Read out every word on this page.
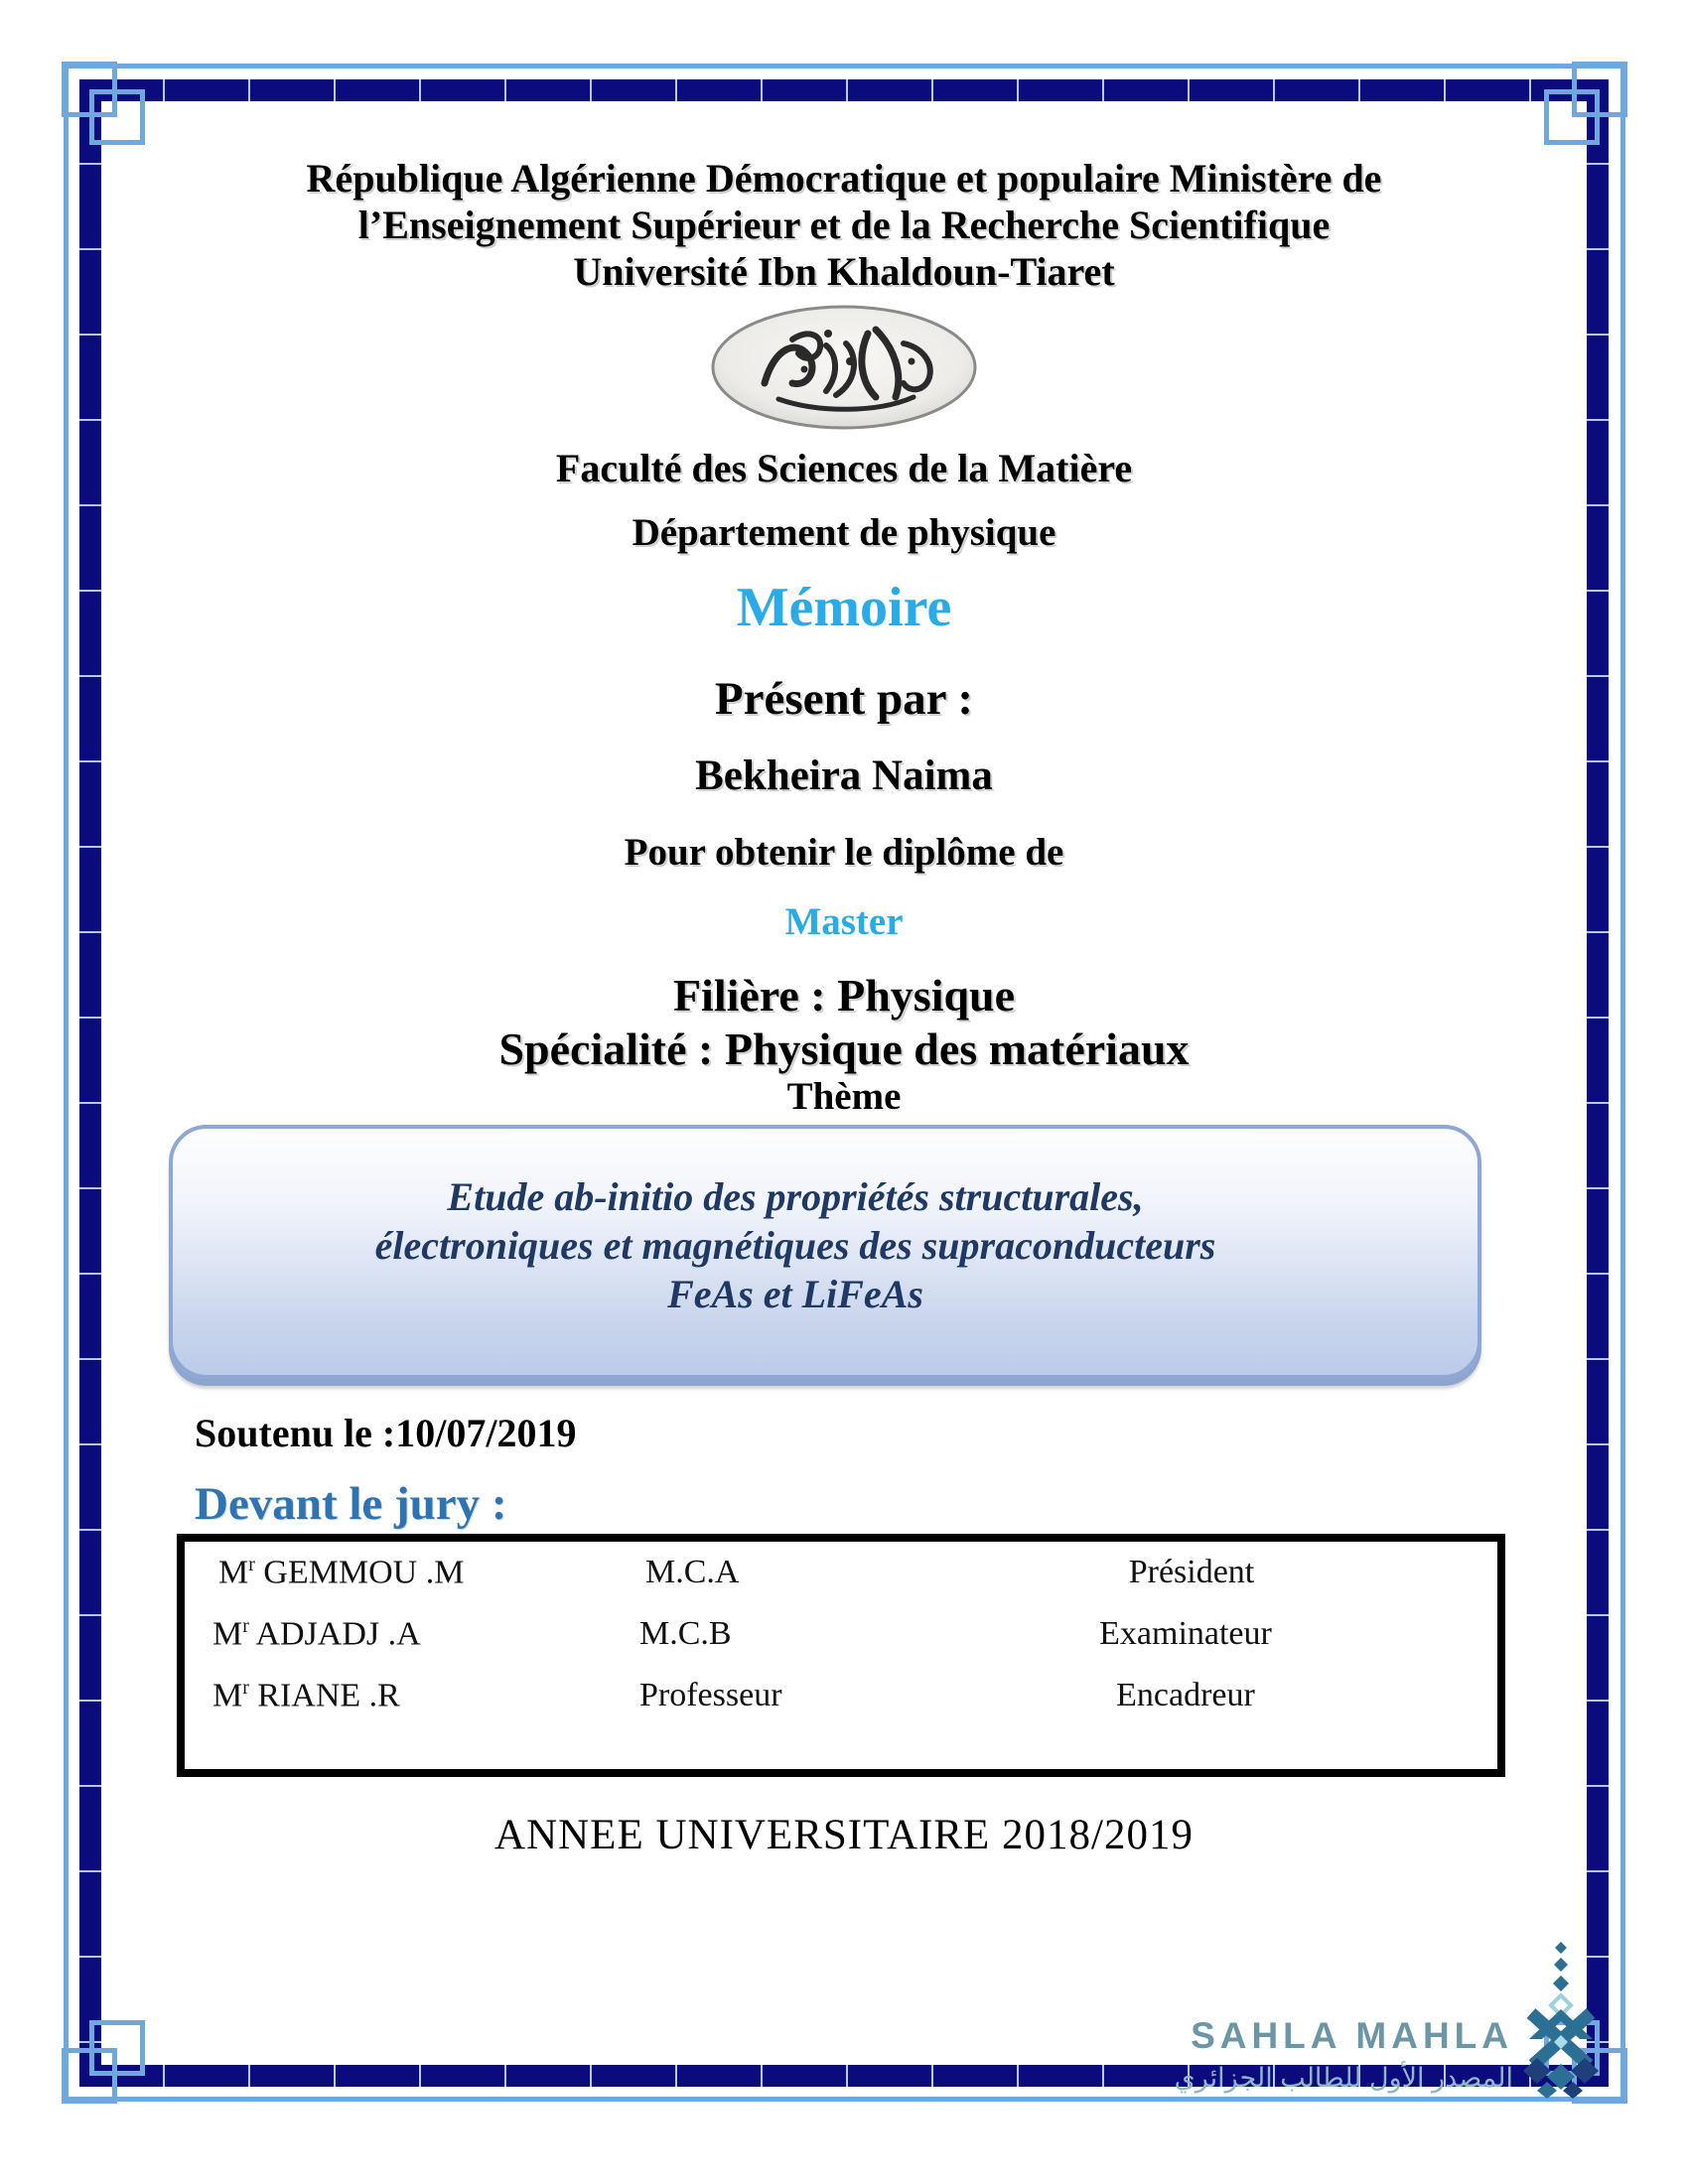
République Algérienne Démocratique et populaire Ministère de
l’Enseignement Supérieur et de la Recherche Scientifique
Université Ibn Khaldoun-Tiaret
Faculté des Sciences de la Matière
Département de physique
Mémoire
Présent par :
Bekheira Naima
Pour obtenir le diplôme de
Master
Filière : Physique
Spécialité : Physique des matériaux
Thème
Etude ab-initio des propriétés structurales,
électroniques et magnétiques des supraconducteurs
FeAs et LiFeAs
Soutenu le :10/07/2019
Devant le jury :
$M^r$ GEMMOU .M	M.C.A	Président
$M^r$ ADJADJ .A	M.C.B	Examinateur
$M^r$ RIANE .R	Professeur	Encadreur
ANNEE UNIVERSITAIRE 2018/2019
SAHLA MAHLA
المصدر الأول للطالب الجزائري
